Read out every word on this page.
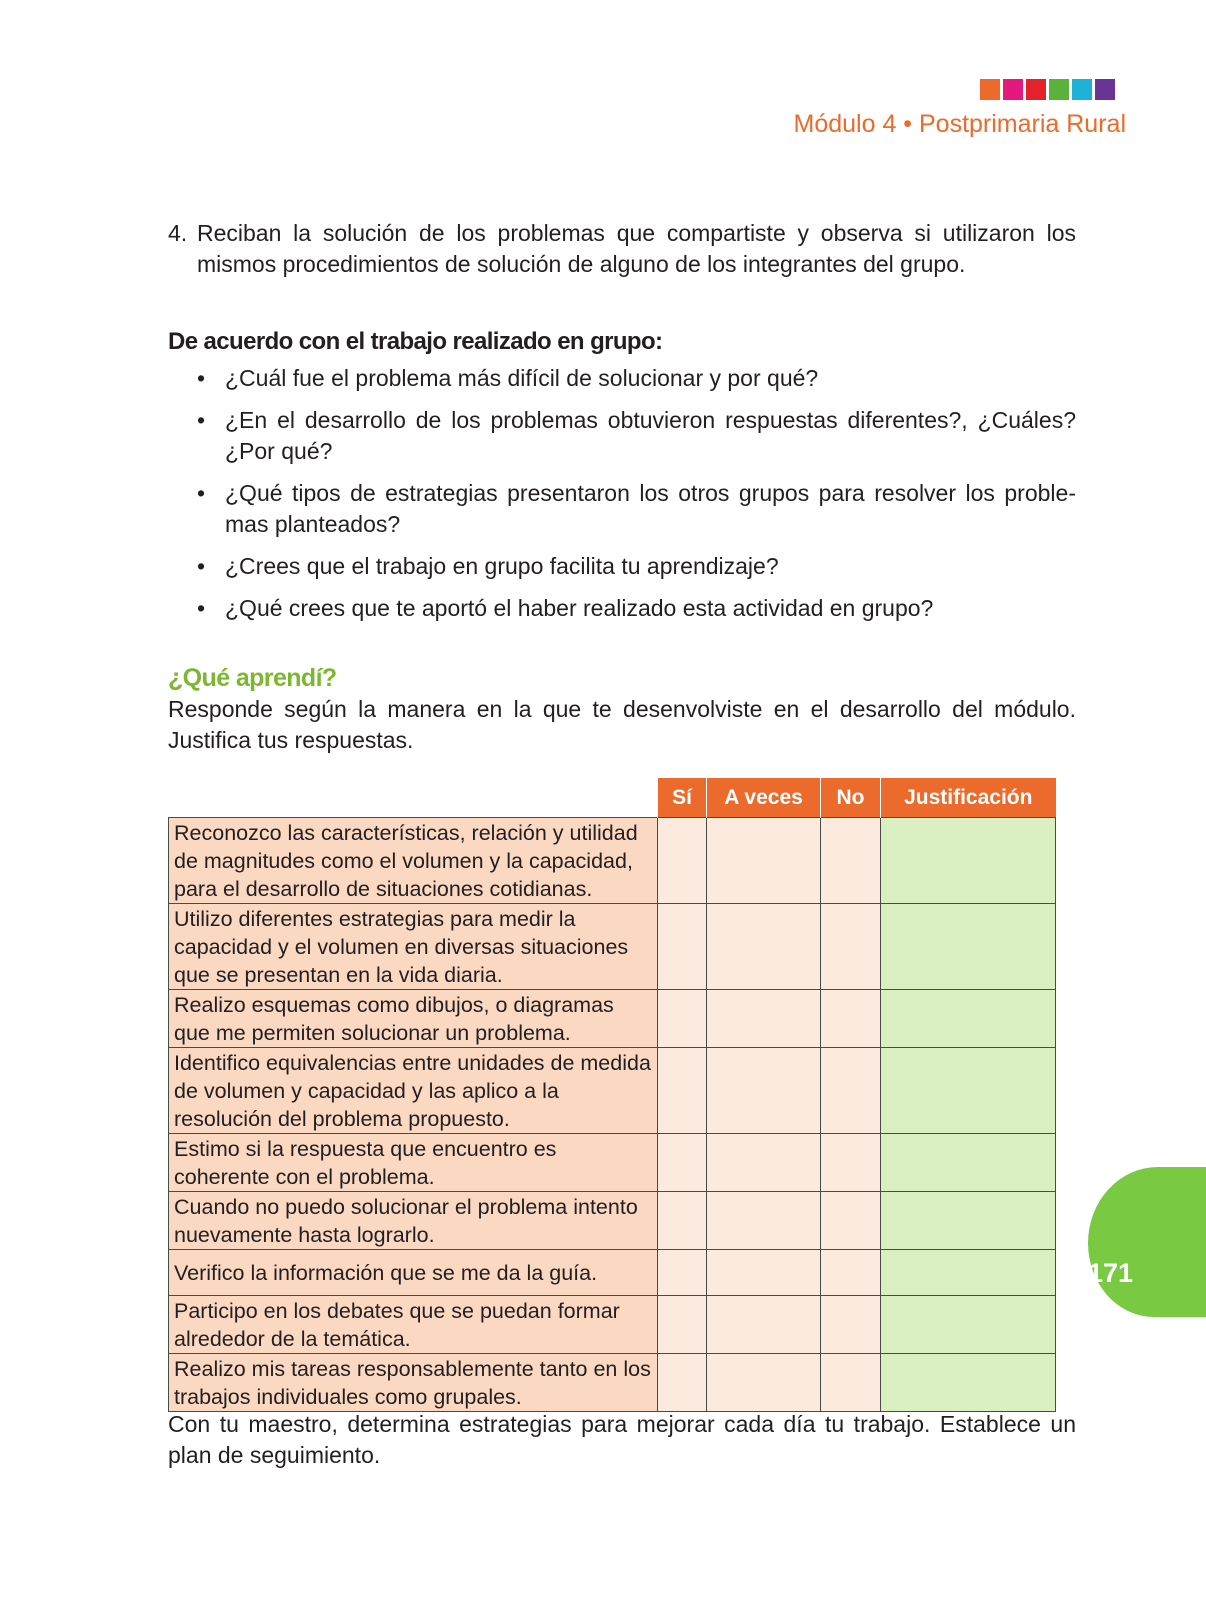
Módulo 4 • Postprimaria Rural
4. Reciban la solución de los problemas que compartiste y observa si utilizaron los mismos procedimientos de solución de alguno de los integrantes del grupo.
De acuerdo con el trabajo realizado en grupo:
• ¿Cuál fue el problema más difícil de solucionar y por qué?
• ¿En el desarrollo de los problemas obtuvieron respuestas diferentes?, ¿Cuáles? ¿Por qué?
• ¿Qué tipos de estrategias presentaron los otros grupos para resolver los problemas planteados?
• ¿Crees que el trabajo en grupo facilita tu aprendizaje?
• ¿Qué crees que te aportó el haber realizado esta actividad en grupo?
¿Qué aprendí?
Responde según la manera en la que te desenvolviste en el desarrollo del módulo. Justifica tus respuestas.
	Sí	A veces	No	Justificación
Reconozco las características, relación y utilidad de magnitudes como el volumen y la capacidad, para el desarrollo de situaciones cotidianas.				
Utilizo diferentes estrategias para medir la capacidad y el volumen en diversas situaciones que se presentan en la vida diaria.				
Realizo esquemas como dibujos, o diagramas que me permiten solucionar un problema.				
Identifico equivalencias entre unidades de medida de volumen y capacidad y las aplico a la resolución del problema propuesto.				
Estimo si la respuesta que encuentro es coherente con el problema.				
Cuando no puedo solucionar el problema intento nuevamente hasta lograrlo.				
Verifico la información que se me da la guía.				
Participo en los debates que se puedan formar alrededor de la temática.				
Realizo mis tareas responsablemente tanto en los trabajos individuales como grupales.				
Con tu maestro, determina estrategias para mejorar cada día tu trabajo. Establece un plan de seguimiento.
171
